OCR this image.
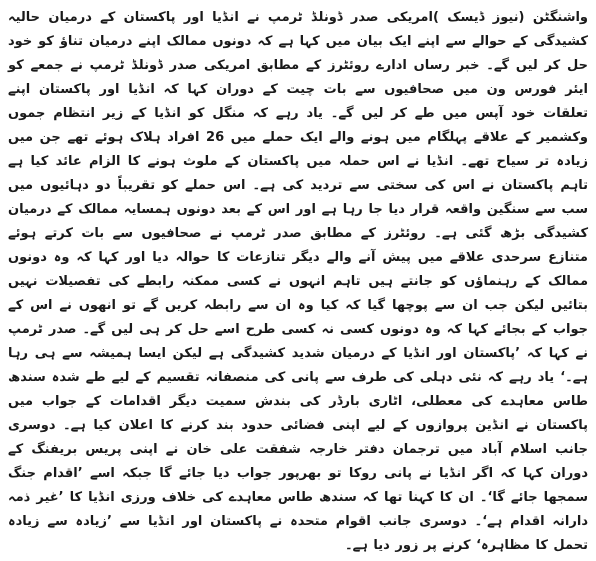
واشنگٹن (نیوز ڈیسک )امریکی صدر ڈونلڈ ٹرمپ نے انڈیا اور پاکستان کے درمیان حالیہ کشیدگی کے حوالے سے اپنے ایک بیان میں کہا ہے کہ دونوں ممالک اپنے درمیان تناؤ کو خود حل کر لیں گے۔ خبر رساں ادارے روئٹرز کے مطابق امریکی صدر ڈونلڈ ٹرمپ نے جمعے کو ایئر فورس ون میں صحافیوں سے بات چیت کے دوران کہا کہ انڈیا اور پاکستان اپنے تعلقات خود آپس میں طے کر لیں گے۔ یاد رہے کہ منگل کو انڈیا کے زیر انتظام جموں وکشمیر کے علاقے پہلگام میں ہونے والے ایک حملے میں 26 افراد ہلاک ہوئے تھے جن میں زیادہ تر سیاح تھے۔ انڈیا نے اس حملہ میں پاکستان کے ملوث ہونے کا الزام عائد کیا ہے تاہم پاکستان نے اس کی سختی سے تردید کی ہے۔ اس حملے کو تقریباً دو دہائیوں میں سب سے سنگین واقعہ قرار دیا جا رہا ہے اور اس کے بعد دونوں ہمسایہ ممالک کے درمیان کشیدگی بڑھ گئی ہے۔ روئٹرز کے مطابق صدر ٹرمپ نے صحافیوں سے بات کرتے ہوئے متنازع سرحدی علاقے میں پیش آنے والے دیگر تنازعات کا حوالہ دیا اور کہا کہ وہ دونوں ممالک کے رہنماؤں کو جانتے ہیں تاہم انہوں نے کسی ممکنہ رابطے کی تفصیلات نہیں بتائیں لیکن جب ان سے پوچھا گیا کہ کیا وہ ان سے رابطہ کریں گے تو انھوں نے اس کے جواب کے بجائے کہا کہ وہ دونوں کسی نہ کسی طرح اسے حل کر ہی لیں گے۔ صدر ٹرمپ نے کہا کہ ’پاکستان اور انڈیا کے درمیان شدید کشیدگی ہے لیکن ایسا ہمیشہ سے ہی رہا ہے۔‘ یاد رہے کہ نئی دہلی کی طرف سے پانی کی منصفانہ تقسیم کے لیے طے شدہ سندھ طاس معاہدے کی معطلی، اٹاری بارڈر کی بندش سمیت دیگر اقدامات کے جواب میں پاکستان نے انڈین پروازوں کے لیے اپنی فضائی حدود بند کرنے کا اعلان کیا ہے۔ دوسری جانب اسلام آباد میں ترجمان دفتر خارجہ شفقت علی خان نے اپنی پریس بریفنگ کے دوران کہا کہ اگر انڈیا نے پانی روکا تو بھرپور جواب دیا جائے گا جبکہ اسے ’اقدام جنگ سمجھا جائے گا‘۔ ان کا کہنا تھا کہ سندھ طاس معاہدے کی خلاف ورزی انڈیا کا ’غیر ذمہ دارانہ اقدام ہے‘۔ دوسری جانب اقوام متحدہ نے پاکستان اور انڈیا سے ’زیادہ سے زیادہ تحمل کا مظاہرہ‘ کرنے پر زور دیا ہے۔
